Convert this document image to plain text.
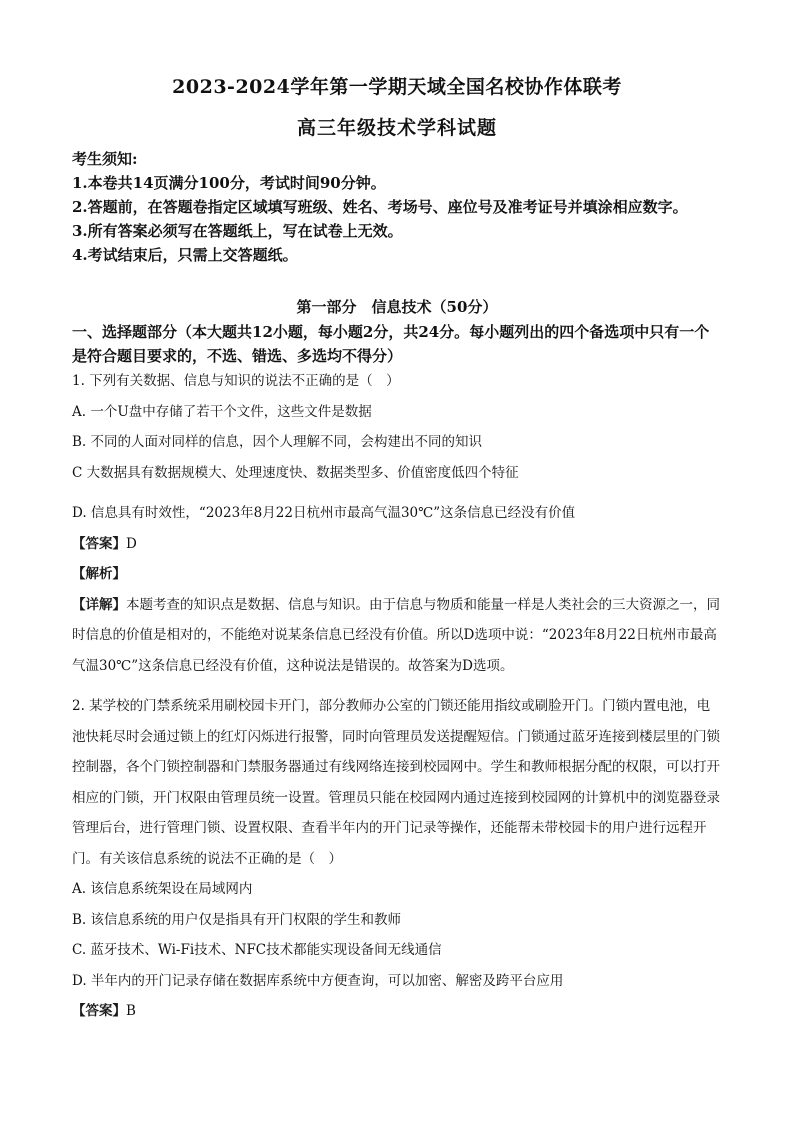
2023-2024学年第一学期天域全国名校协作体联考
高三年级技术学科试题

考生须知:

1.本卷共14页满分100分，考试时间90分钟。

2.答题前，在答题卷指定区域填写班级、姓名、考场号、座位号及准考证号并填涂相应数字。

3.所有答案必须写在答题纸上，写在试卷上无效。

4.考试结束后，只需上交答题纸。

第一部分　信息技术（50分）
一、选择题部分（本大题共12小题，每小题2分，共24分。每小题列出的四个备选项中只有一个是符合题目要求的，不选、错选、多选均不得分）

1. 下列有关数据、信息与知识的说法不正确的是（　）

A. 一个U盘中存储了若干个文件，这些文件是数据

B. 不同的人面对同样的信息，因个人理解不同，会构建出不同的知识

C 大数据具有数据规模大、处理速度快、数据类型多、价值密度低四个特征

D. 信息具有时效性，“2023年8月22日杭州市最高气温30℃”这条信息已经没有价值

【答案】D

【解析】

【详解】本题考查的知识点是数据、信息与知识。由于信息与物质和能量一样是人类社会的三大资源之一，同时信息的价值是相对的，不能绝对说某条信息已经没有价值。所以D选项中说：“2023年8月22日杭州市最高气温30℃”这条信息已经没有价值，这种说法是错误的。故答案为D选项。

2. 某学校的门禁系统采用刷校园卡开门，部分教师办公室的门锁还能用指纹或刷脸开门。门锁内置电池，电池快耗尽时会通过锁上的红灯闪烁进行报警，同时向管理员发送提醒短信。门锁通过蓝牙连接到楼层里的门锁控制器，各个门锁控制器和门禁服务器通过有线网络连接到校园网中。学生和教师根据分配的权限，可以打开相应的门锁，开门权限由管理员统一设置。管理员只能在校园网内通过连接到校园网的计算机中的浏览器登录管理后台，进行管理门锁、设置权限、查看半年内的开门记录等操作，还能帮未带校园卡的用户进行远程开门。有关该信息系统的说法不正确的是（　）

A. 该信息系统架设在局域网内

B. 该信息系统的用户仅是指具有开门权限的学生和教师

C. 蓝牙技术、Wi-Fi技术、NFC技术都能实现设备间无线通信

D. 半年内的开门记录存储在数据库系统中方便查询，可以加密、解密及跨平台应用

【答案】B
